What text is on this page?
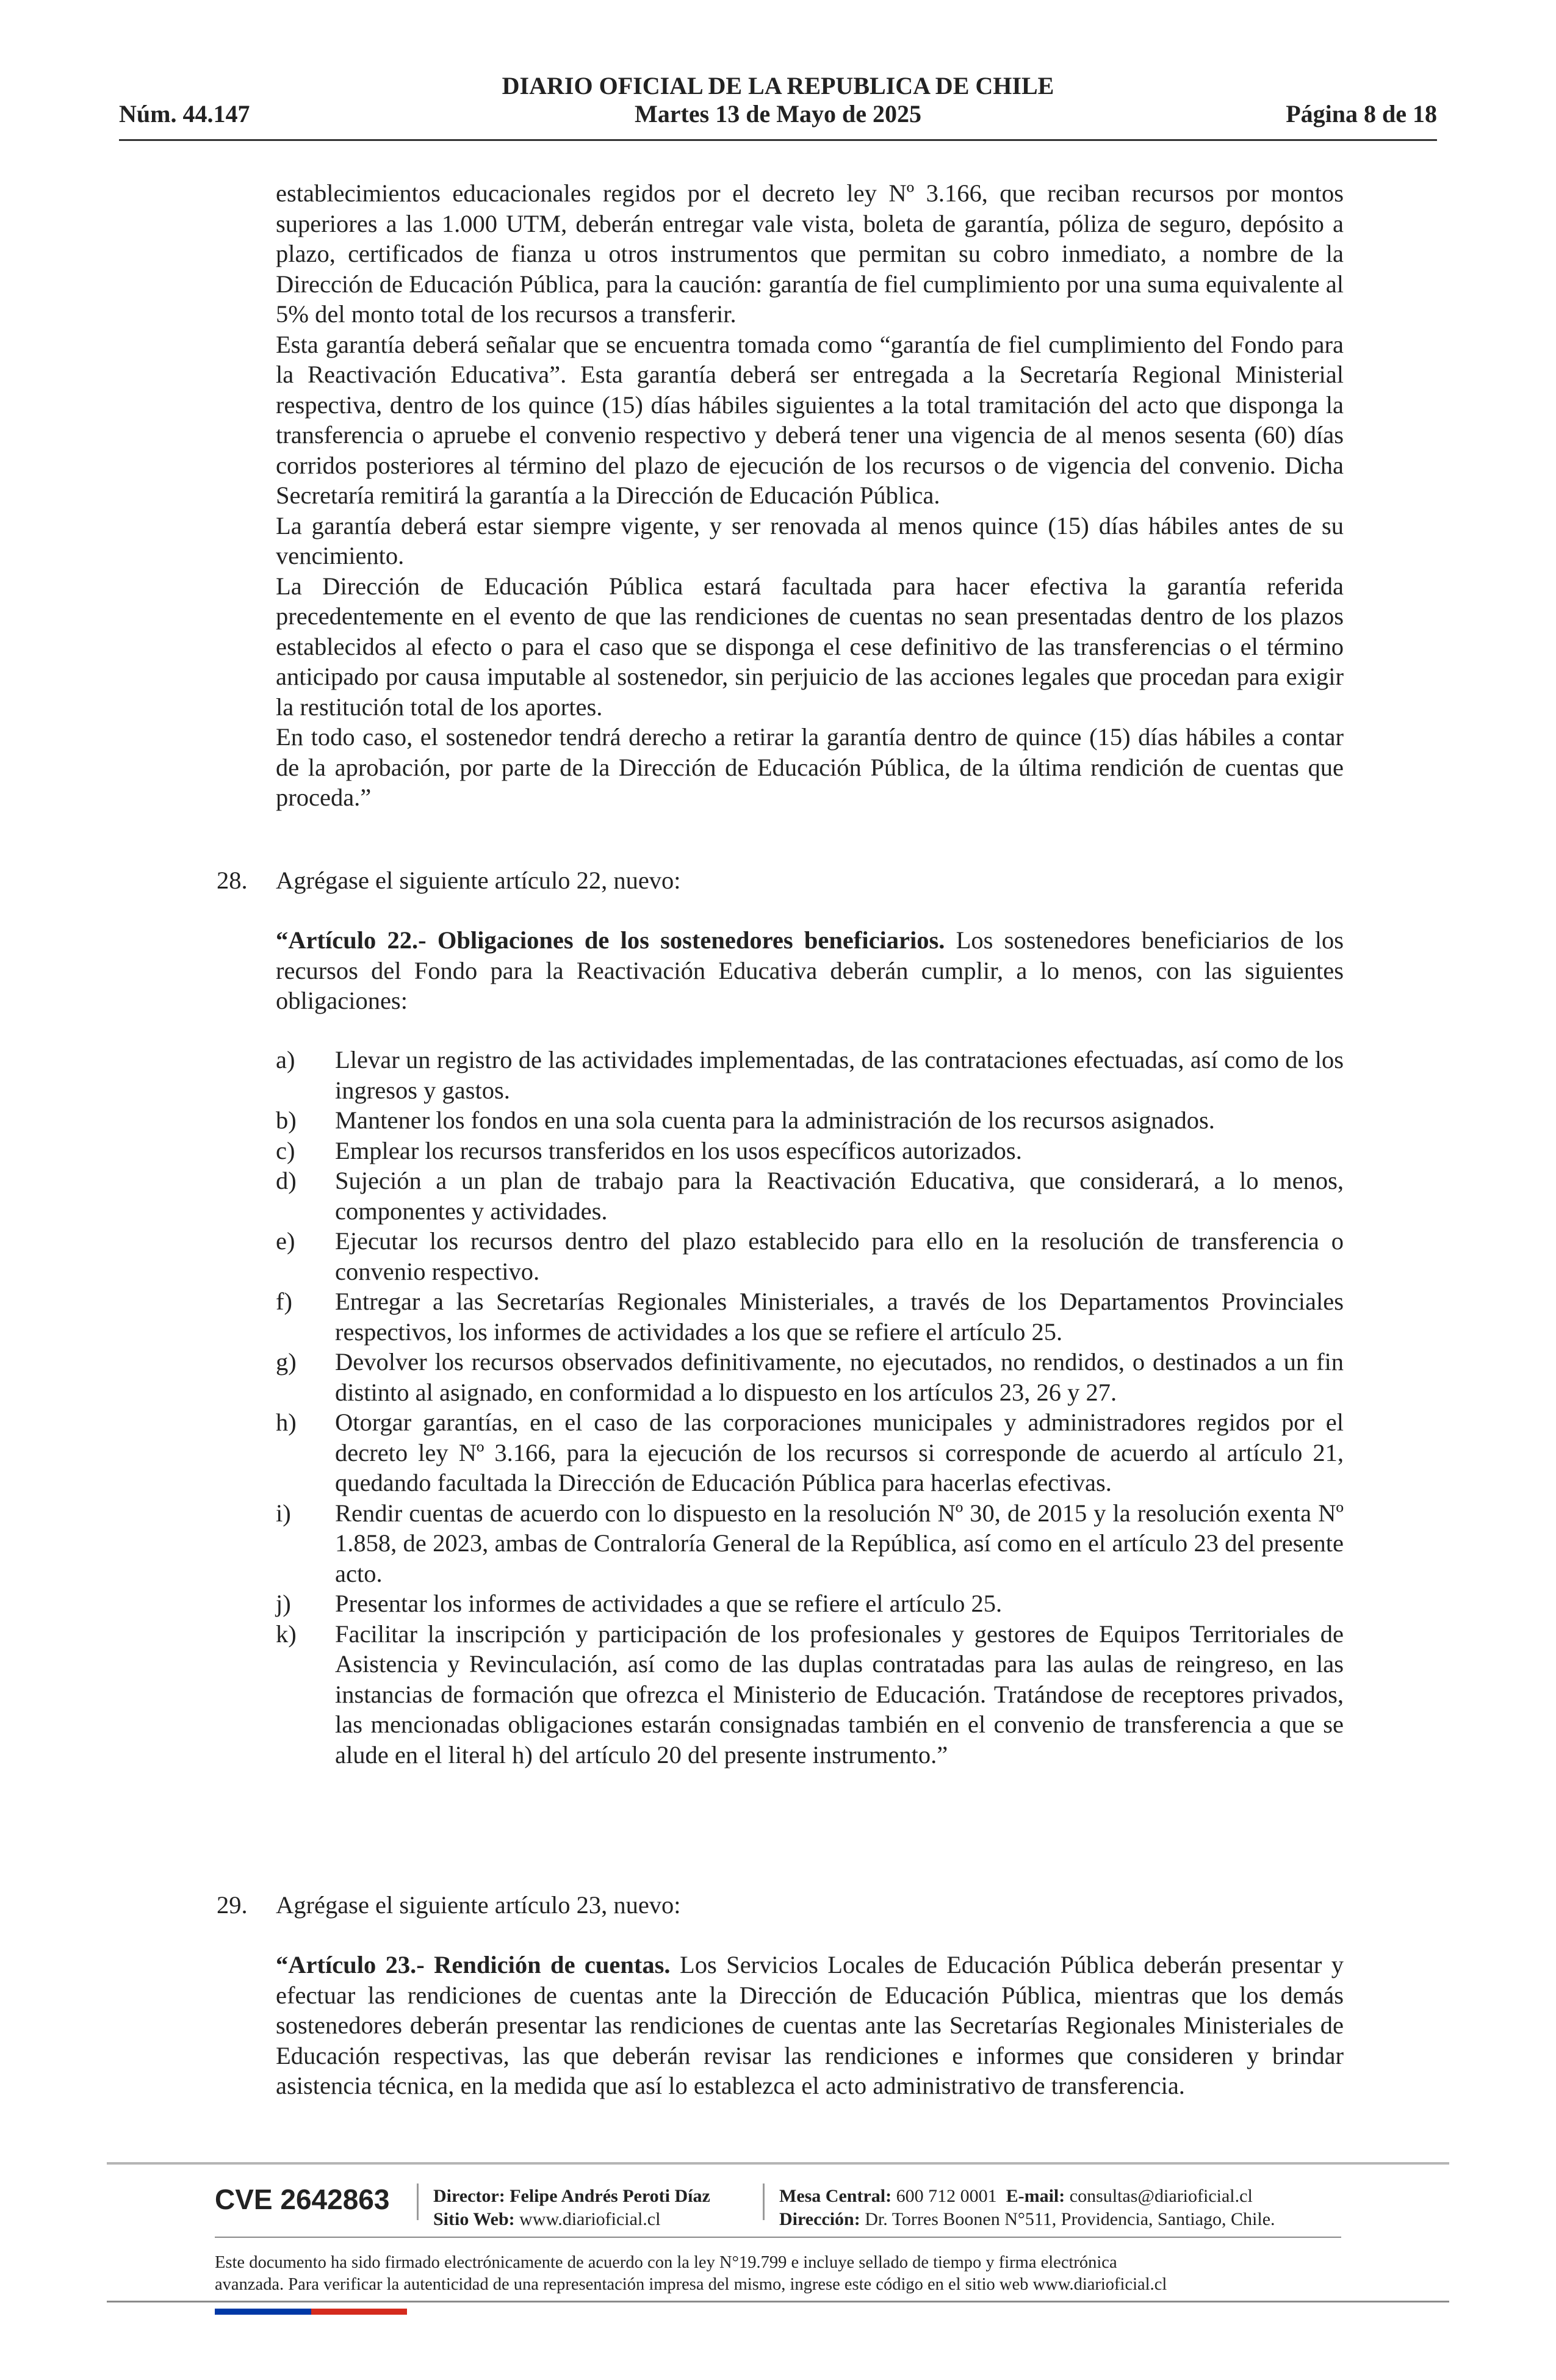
DIARIO OFICIAL DE LA REPUBLICA DE CHILE
Núm. 44.147	Martes 13 de Mayo de 2025	Página 8 de 18

establecimientos educacionales regidos por el decreto ley Nº 3.166, que reciban recursos por montos superiores a las 1.000 UTM, deberán entregar vale vista, boleta de garantía, póliza de seguro, depósito a plazo, certificados de fianza u otros instrumentos que permitan su cobro inmediato, a nombre de la Dirección de Educación Pública, para la caución: garantía de fiel cumplimiento por una suma equivalente al 5% del monto total de los recursos a transferir.

Esta garantía deberá señalar que se encuentra tomada como “garantía de fiel cumplimiento del Fondo para la Reactivación Educativa”. Esta garantía deberá ser entregada a la Secretaría Regional Ministerial respectiva, dentro de los quince (15) días hábiles siguientes a la total tramitación del acto que disponga la transferencia o apruebe el convenio respectivo y deberá tener una vigencia de al menos sesenta (60) días corridos posteriores al término del plazo de ejecución de los recursos o de vigencia del convenio. Dicha Secretaría remitirá la garantía a la Dirección de Educación Pública.

La garantía deberá estar siempre vigente, y ser renovada al menos quince (15) días hábiles antes de su vencimiento.

La Dirección de Educación Pública estará facultada para hacer efectiva la garantía referida precedentemente en el evento de que las rendiciones de cuentas no sean presentadas dentro de los plazos establecidos al efecto o para el caso que se disponga el cese definitivo de las transferencias o el término anticipado por causa imputable al sostenedor, sin perjuicio de las acciones legales que procedan para exigir la restitución total de los aportes.

En todo caso, el sostenedor tendrá derecho a retirar la garantía dentro de quince (15) días hábiles a contar de la aprobación, por parte de la Dirección de Educación Pública, de la última rendición de cuentas que proceda.”

28. Agrégase el siguiente artículo 22, nuevo:

“Artículo 22.- Obligaciones de los sostenedores beneficiarios. Los sostenedores beneficiarios de los recursos del Fondo para la Reactivación Educativa deberán cumplir, a lo menos, con las siguientes obligaciones:

a) Llevar un registro de las actividades implementadas, de las contrataciones efectuadas, así como de los ingresos y gastos.
b) Mantener los fondos en una sola cuenta para la administración de los recursos asignados.
c) Emplear los recursos transferidos en los usos específicos autorizados.
d) Sujeción a un plan de trabajo para la Reactivación Educativa, que considerará, a lo menos, componentes y actividades.
e) Ejecutar los recursos dentro del plazo establecido para ello en la resolución de transferencia o convenio respectivo.
f) Entregar a las Secretarías Regionales Ministeriales, a través de los Departamentos Provinciales respectivos, los informes de actividades a los que se refiere el artículo 25.
g) Devolver los recursos observados definitivamente, no ejecutados, no rendidos, o destinados a un fin distinto al asignado, en conformidad a lo dispuesto en los artículos 23, 26 y 27.
h) Otorgar garantías, en el caso de las corporaciones municipales y administradores regidos por el decreto ley Nº 3.166, para la ejecución de los recursos si corresponde de acuerdo al artículo 21, quedando facultada la Dirección de Educación Pública para hacerlas efectivas.
i) Rendir cuentas de acuerdo con lo dispuesto en la resolución Nº 30, de 2015 y la resolución exenta Nº 1.858, de 2023, ambas de Contraloría General de la República, así como en el artículo 23 del presente acto.
j) Presentar los informes de actividades a que se refiere el artículo 25.
k) Facilitar la inscripción y participación de los profesionales y gestores de Equipos Territoriales de Asistencia y Revinculación, así como de las duplas contratadas para las aulas de reingreso, en las instancias de formación que ofrezca el Ministerio de Educación. Tratándose de receptores privados, las mencionadas obligaciones estarán consignadas también en el convenio de transferencia a que se alude en el literal h) del artículo 20 del presente instrumento.”
29. Agrégase el siguiente artículo 23, nuevo:

“Artículo 23.- Rendición de cuentas. Los Servicios Locales de Educación Pública deberán presentar y efectuar las rendiciones de cuentas ante la Dirección de Educación Pública, mientras que los demás sostenedores deberán presentar las rendiciones de cuentas ante las Secretarías Regionales Ministeriales de Educación respectivas, las que deberán revisar las rendiciones e informes que consideren y brindar asistencia técnica, en la medida que así lo establezca el acto administrativo de transferencia.

CVE 2642863 Director: Felipe Andrés Peroti Díaz
Sitio Web: www.diarioficial.cl
Mesa Central: 600 712 0001 E-mail: consultas@diarioficial.cl
Dirección: Dr. Torres Boonen N°511, Providencia, Santiago, Chile.
Este documento ha sido firmado electrónicamente de acuerdo con la ley N°19.799 e incluye sellado de tiempo y firma electrónica
avanzada. Para verificar la autenticidad de una representación impresa del mismo, ingrese este código en el sitio web www.diarioficial.cl
